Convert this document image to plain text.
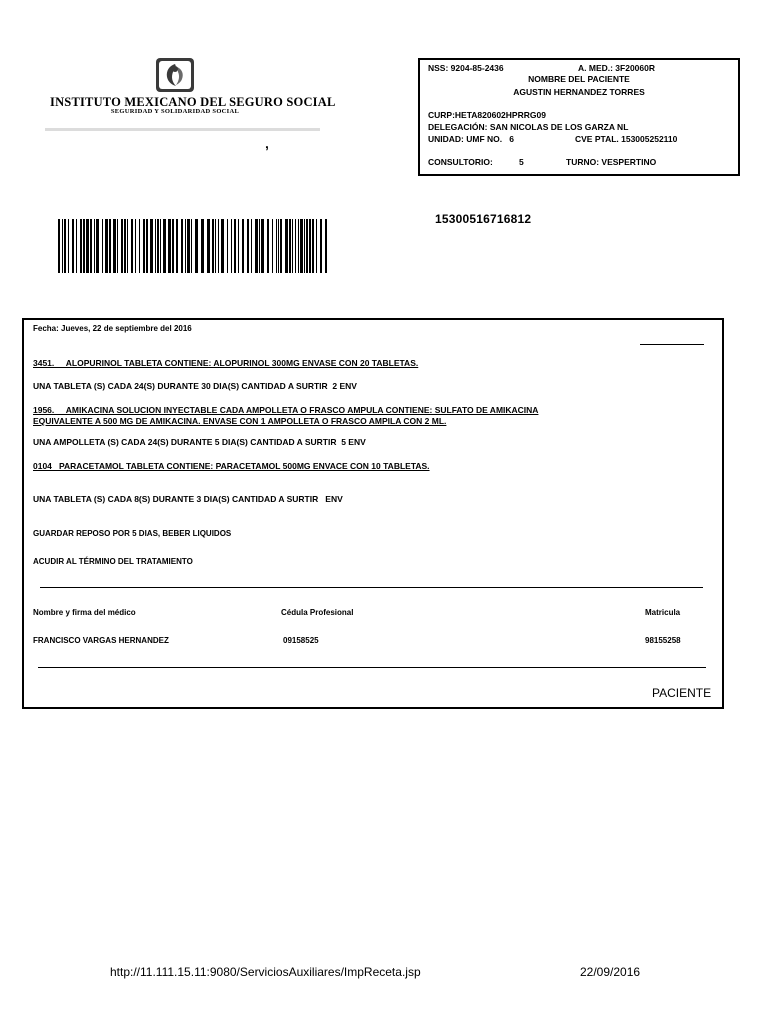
INSTITUTO MEXICANO DEL SEGURO SOCIAL
SEGURIDAD Y SOLIDARIDAD SOCIAL
ʼ
NSS: 9204-85-2436	A. MED.: 3F20060R
NOMBRE DEL PACIENTE
AGUSTIN HERNANDEZ TORRES
CURP:HETA820602HPRRG09
DELEGACIÓN: SAN NICOLAS DE LOS GARZA NL
UNIDAD: UMF NO.   6	CVE PTAL. 153005252110
CONSULTORIO:	5	TURNO: VESPERTINO
15300516716812
Fecha: Jueves, 22 de septiembre del 2016
3451.     ALOPURINOL TABLETA CONTIENE: ALOPURINOL 300MG ENVASE CON 20 TABLETAS.
UNA TABLETA (S) CADA 24(S) DURANTE 30 DIA(S) CANTIDAD A SURTIR  2 ENV
1956.     AMIKACINA SOLUCION INYECTABLE CADA AMPOLLETA O FRASCO AMPULA CONTIENE: SULFATO DE AMIKACINA
EQUIVALENTE A 500 MG DE AMIKACINA. ENVASE CON 1 AMPOLLETA O FRASCO AMPILA CON 2 ML.
UNA AMPOLLETA (S) CADA 24(S) DURANTE 5 DIA(S) CANTIDAD A SURTIR  5 ENV
0104   PARACETAMOL TABLETA CONTIENE: PARACETAMOL 500MG ENVACE CON 10 TABLETAS.
UNA TABLETA (S) CADA 8(S) DURANTE 3 DIA(S) CANTIDAD A SURTIR   ENV
GUARDAR REPOSO POR 5 DIAS, BEBER LIQUIDOS
ACUDIR AL TÉRMINO DEL TRATAMIENTO
Nombre y firma del médico	Cédula Profesional	Matricula
FRANCISCO VARGAS HERNANDEZ	09158525	98155258
PACIENTE
http://11.111.15.11:9080/ServiciosAuxiliares/ImpReceta.jsp	22/09/2016
